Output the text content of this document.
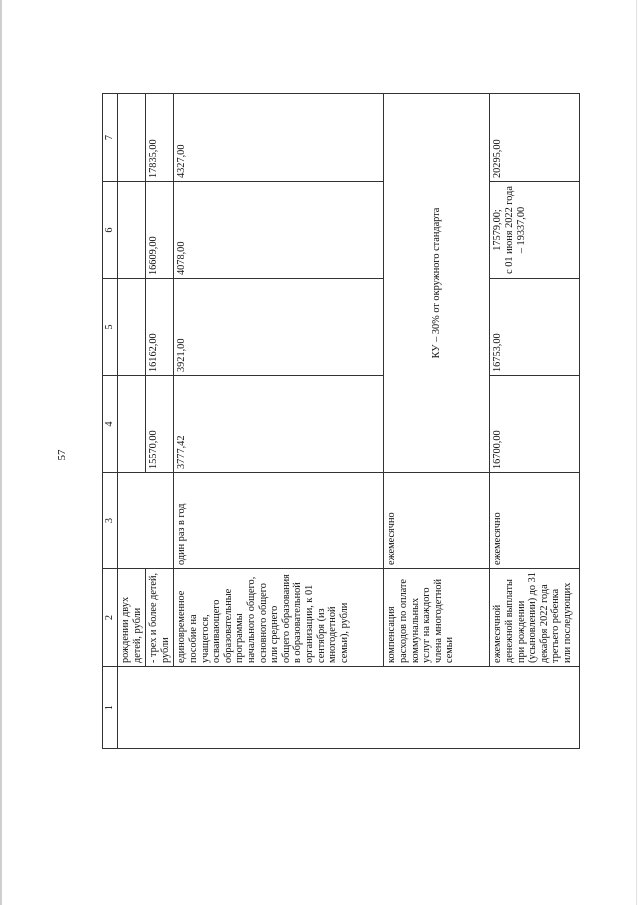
57
1	2	3	4	5	6	7
	рождении двух детей, рубли					
	- трех и более детей, рубли		15570,00	16162,00	16609,00	17835,00
	единовременное пособие на учащегося, осваивающего образовательные программы начального общего, основного общего или среднего общего образования в образовательной организации, к 01 сентября (из многодетной семьи), рубли	один раз в год	3777,42	3921,00	4078,00	4327,00
	компенсация расходов по оплате коммунальных услуг на каждого члена многодетной семьи	ежемесячно	КУ – 30% от окружного стандарта			
	ежемесячной денежной выплаты при рождении (усыновлении) до 31 декабря 2022 года третьего ребенка или последующих	ежемесячно	16700,00	16753,00	17579,00; с 01 июня 2022 года – 19337,00	20295,00
